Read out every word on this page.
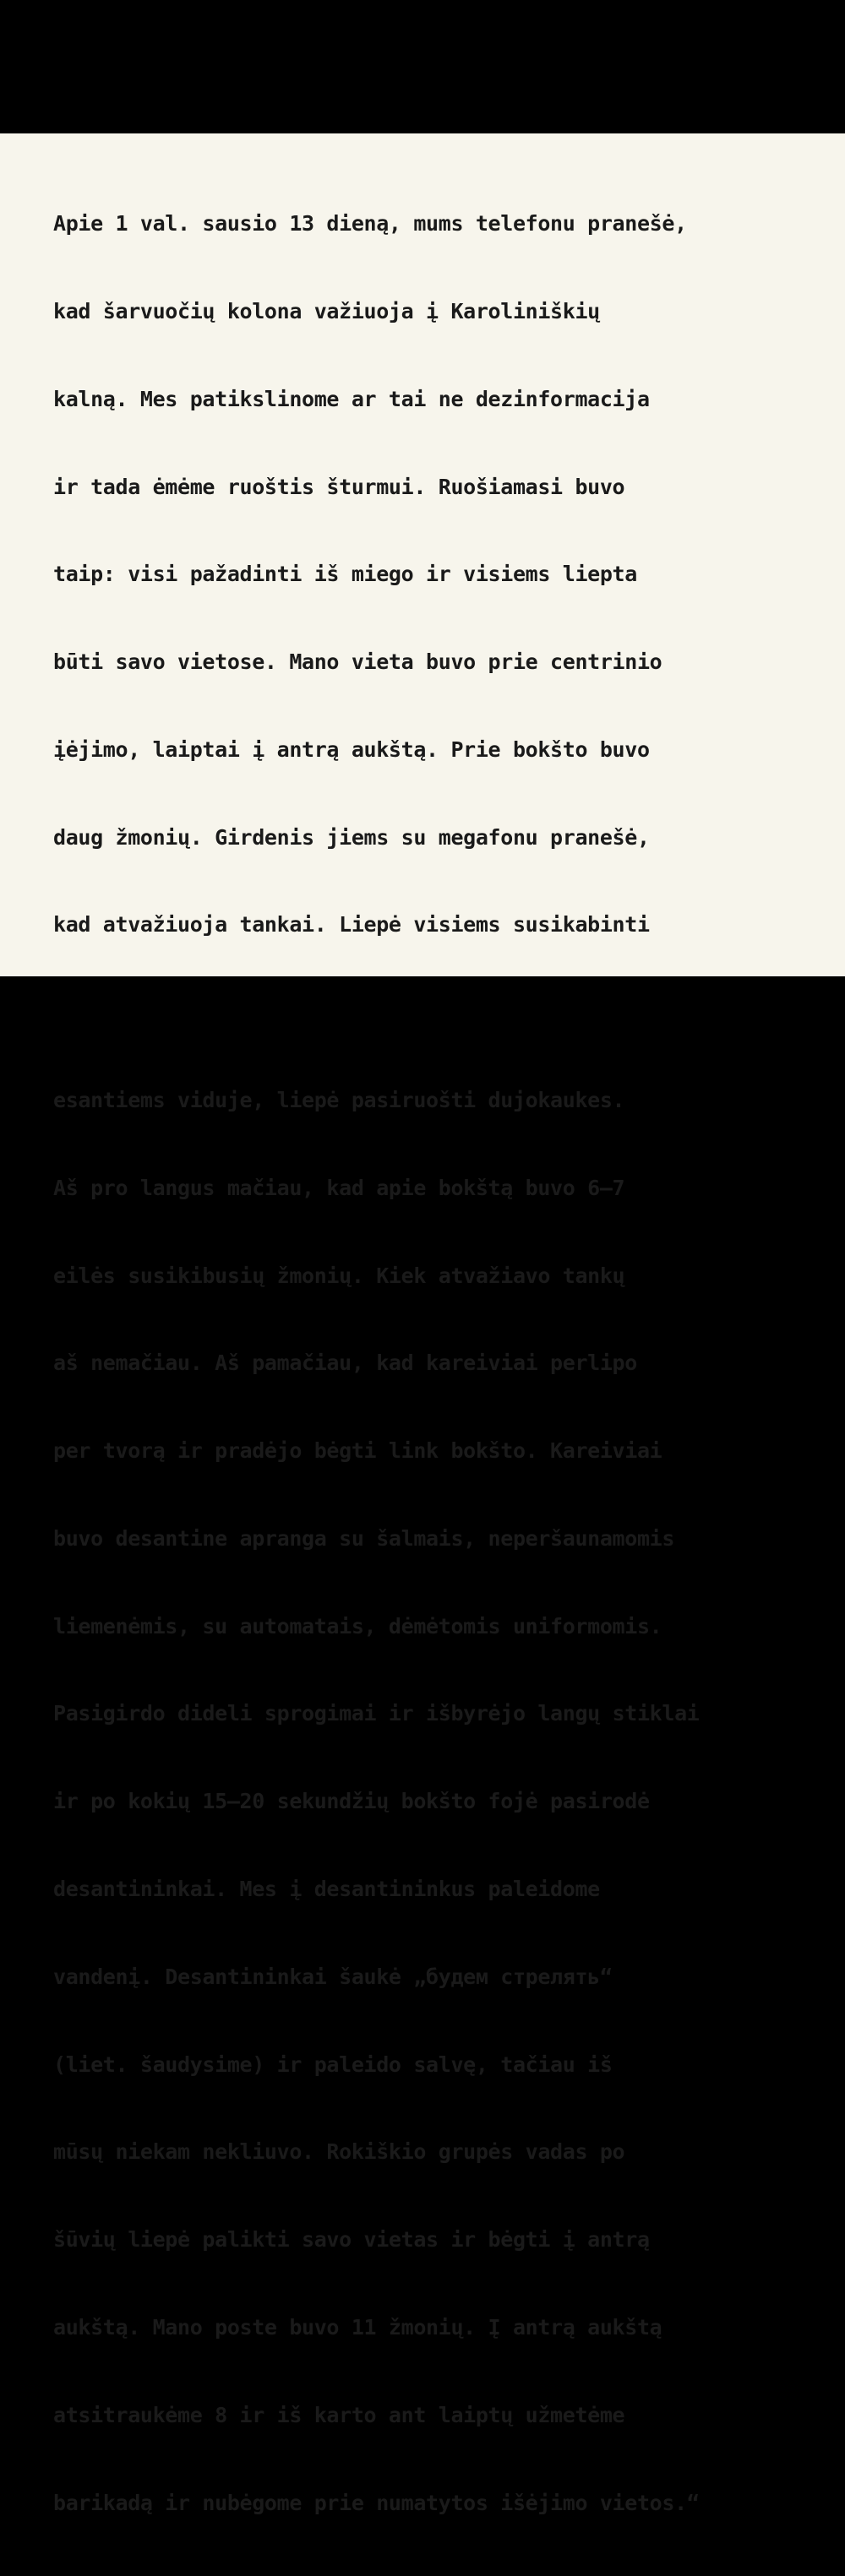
Apie 1 val. sausio 13 dieną, mums telefonu pranešė,

kad šarvuočių kolona važiuoja į Karoliniškių

kalną. Mes patikslinome ar tai ne dezinformacija

ir tada ėmėme ruoštis šturmui. Ruošiamasi buvo

taip: visi pažadinti iš miego ir visiems liepta

būti savo vietose. Mano vieta buvo prie centrinio

įėjimo, laiptai į antrą aukštą. Prie bokšto buvo

daug žmonių. Girdenis jiems su megafonu pranešė,

kad atvažiuoja tankai. Liepė visiems susikabinti

esantiems viduje, liepė pasiruošti dujokaukes.

Aš pro langus mačiau, kad apie bokštą buvo 6–7

eilės susikibusių žmonių. Kiek atvažiavo tankų

aš nemačiau. Aš pamačiau, kad kareiviai perlipo

per tvorą ir pradėjo bėgti link bokšto. Kareiviai

buvo desantine apranga su šalmais, neperšaunamomis

liemenėmis, su automatais, dėmėtomis uniformomis.

Pasigirdo dideli sprogimai ir išbyrėjo langų stiklai

ir po kokių 15–20 sekundžių bokšto fojė pasirodė

desantininkai. Mes į desantininkus paleidome

vandenį. Desantininkai šaukė „будем стрелять“

(liet. šaudysime) ir paleido salvę, tačiau iš

mūsų niekam nekliuvo. Rokiškio grupės vadas po

šūvių liepė palikti savo vietas ir bėgti į antrą

aukštą. Mano poste buvo 11 žmonių. Į antrą aukštą

atsitraukėme 8 ir iš karto ant laiptų užmetėme

barikadą ir nubėgome prie numatytos išėjimo vietos.“
